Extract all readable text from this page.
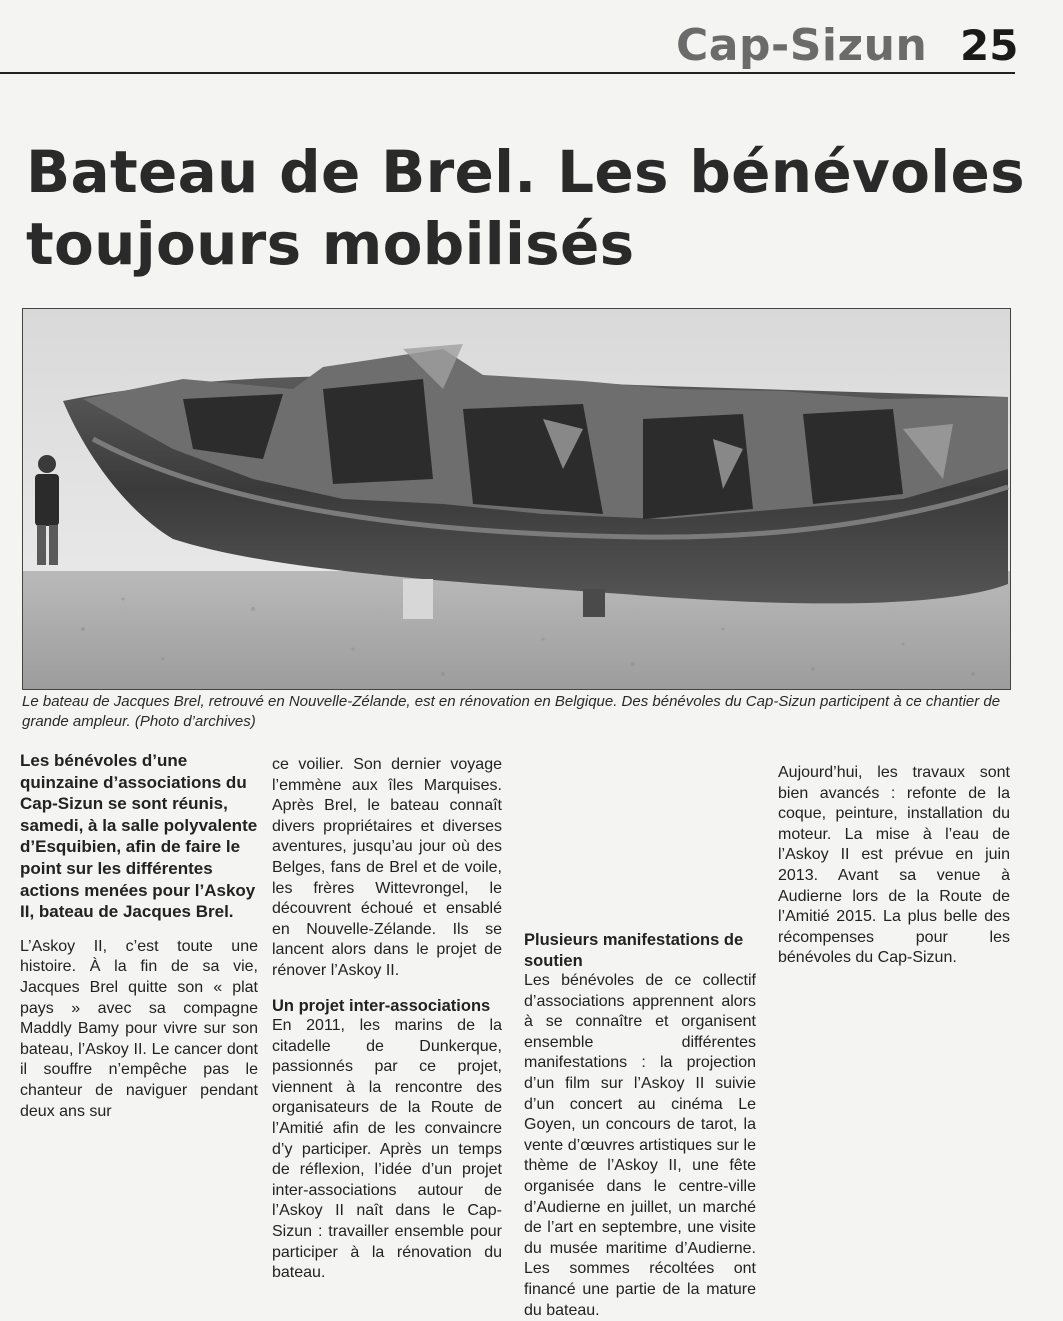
Cap-Sizun 25
Bateau de Brel. Les bénévoles
toujours mobilisés

Le bateau de Jacques Brel, retrouvé en Nouvelle-Zélande, est en rénovation en Belgique. Des bénévoles du Cap-Sizun participent à ce chantier de grande ampleur. (Photo d’archives)

Les bénévoles d’une quinzaine d’associations du Cap-Sizun se sont réunis, samedi, à la salle polyvalente d’Esquibien, afin de faire le point sur les différentes actions menées pour l’Askoy II, bateau de Jacques Brel.

L’Askoy II, c’est toute une histoire. À la fin de sa vie, Jacques Brel quitte son « plat pays » avec sa compagne Maddly Bamy pour vivre sur son bateau, l’Askoy II. Le cancer dont il souffre n’empêche pas le chanteur de naviguer pendant deux ans sur

ce voilier. Son dernier voyage l’emmène aux îles Marquises. Après Brel, le bateau connaît divers propriétaires et diverses aventures, jusqu’au jour où des Belges, fans de Brel et de voile, les frères Wittevrongel, le découvrent échoué et ensablé en Nouvelle-Zélande. Ils se lancent alors dans le projet de rénover l’Askoy II.

Un projet inter-associations

En 2011, les marins de la citadelle de Dunkerque, passionnés par ce projet, viennent à la rencontre des organisateurs de la Route de l’Amitié afin de les convaincre d’y participer. Après un temps de réflexion, l’idée d’un projet inter-associations autour de l’Askoy II naît dans le Cap-Sizun : travailler ensemble pour participer à la rénovation du bateau.

Plusieurs manifestations de soutien

Les bénévoles de ce collectif d’associations apprennent alors à se connaître et organisent ensemble différentes manifestations : la projection d’un film sur l’Askoy II suivie d’un concert au cinéma Le Goyen, un concours de tarot, la vente d’œuvres artistiques sur le thème de l’Askoy II, une fête organisée dans le centre-ville d’Audierne en juillet, un marché de l’art en septembre, une visite du musée maritime d’Audierne. Les sommes récoltées ont financé une partie de la mature du bateau.

Aujourd’hui, les travaux sont bien avancés : refonte de la coque, peinture, installation du moteur. La mise à l’eau de l’Askoy II est prévue en juin 2013. Avant sa venue à Audierne lors de la Route de l’Amitié 2015. La plus belle des récompenses pour les bénévoles du Cap-Sizun.
